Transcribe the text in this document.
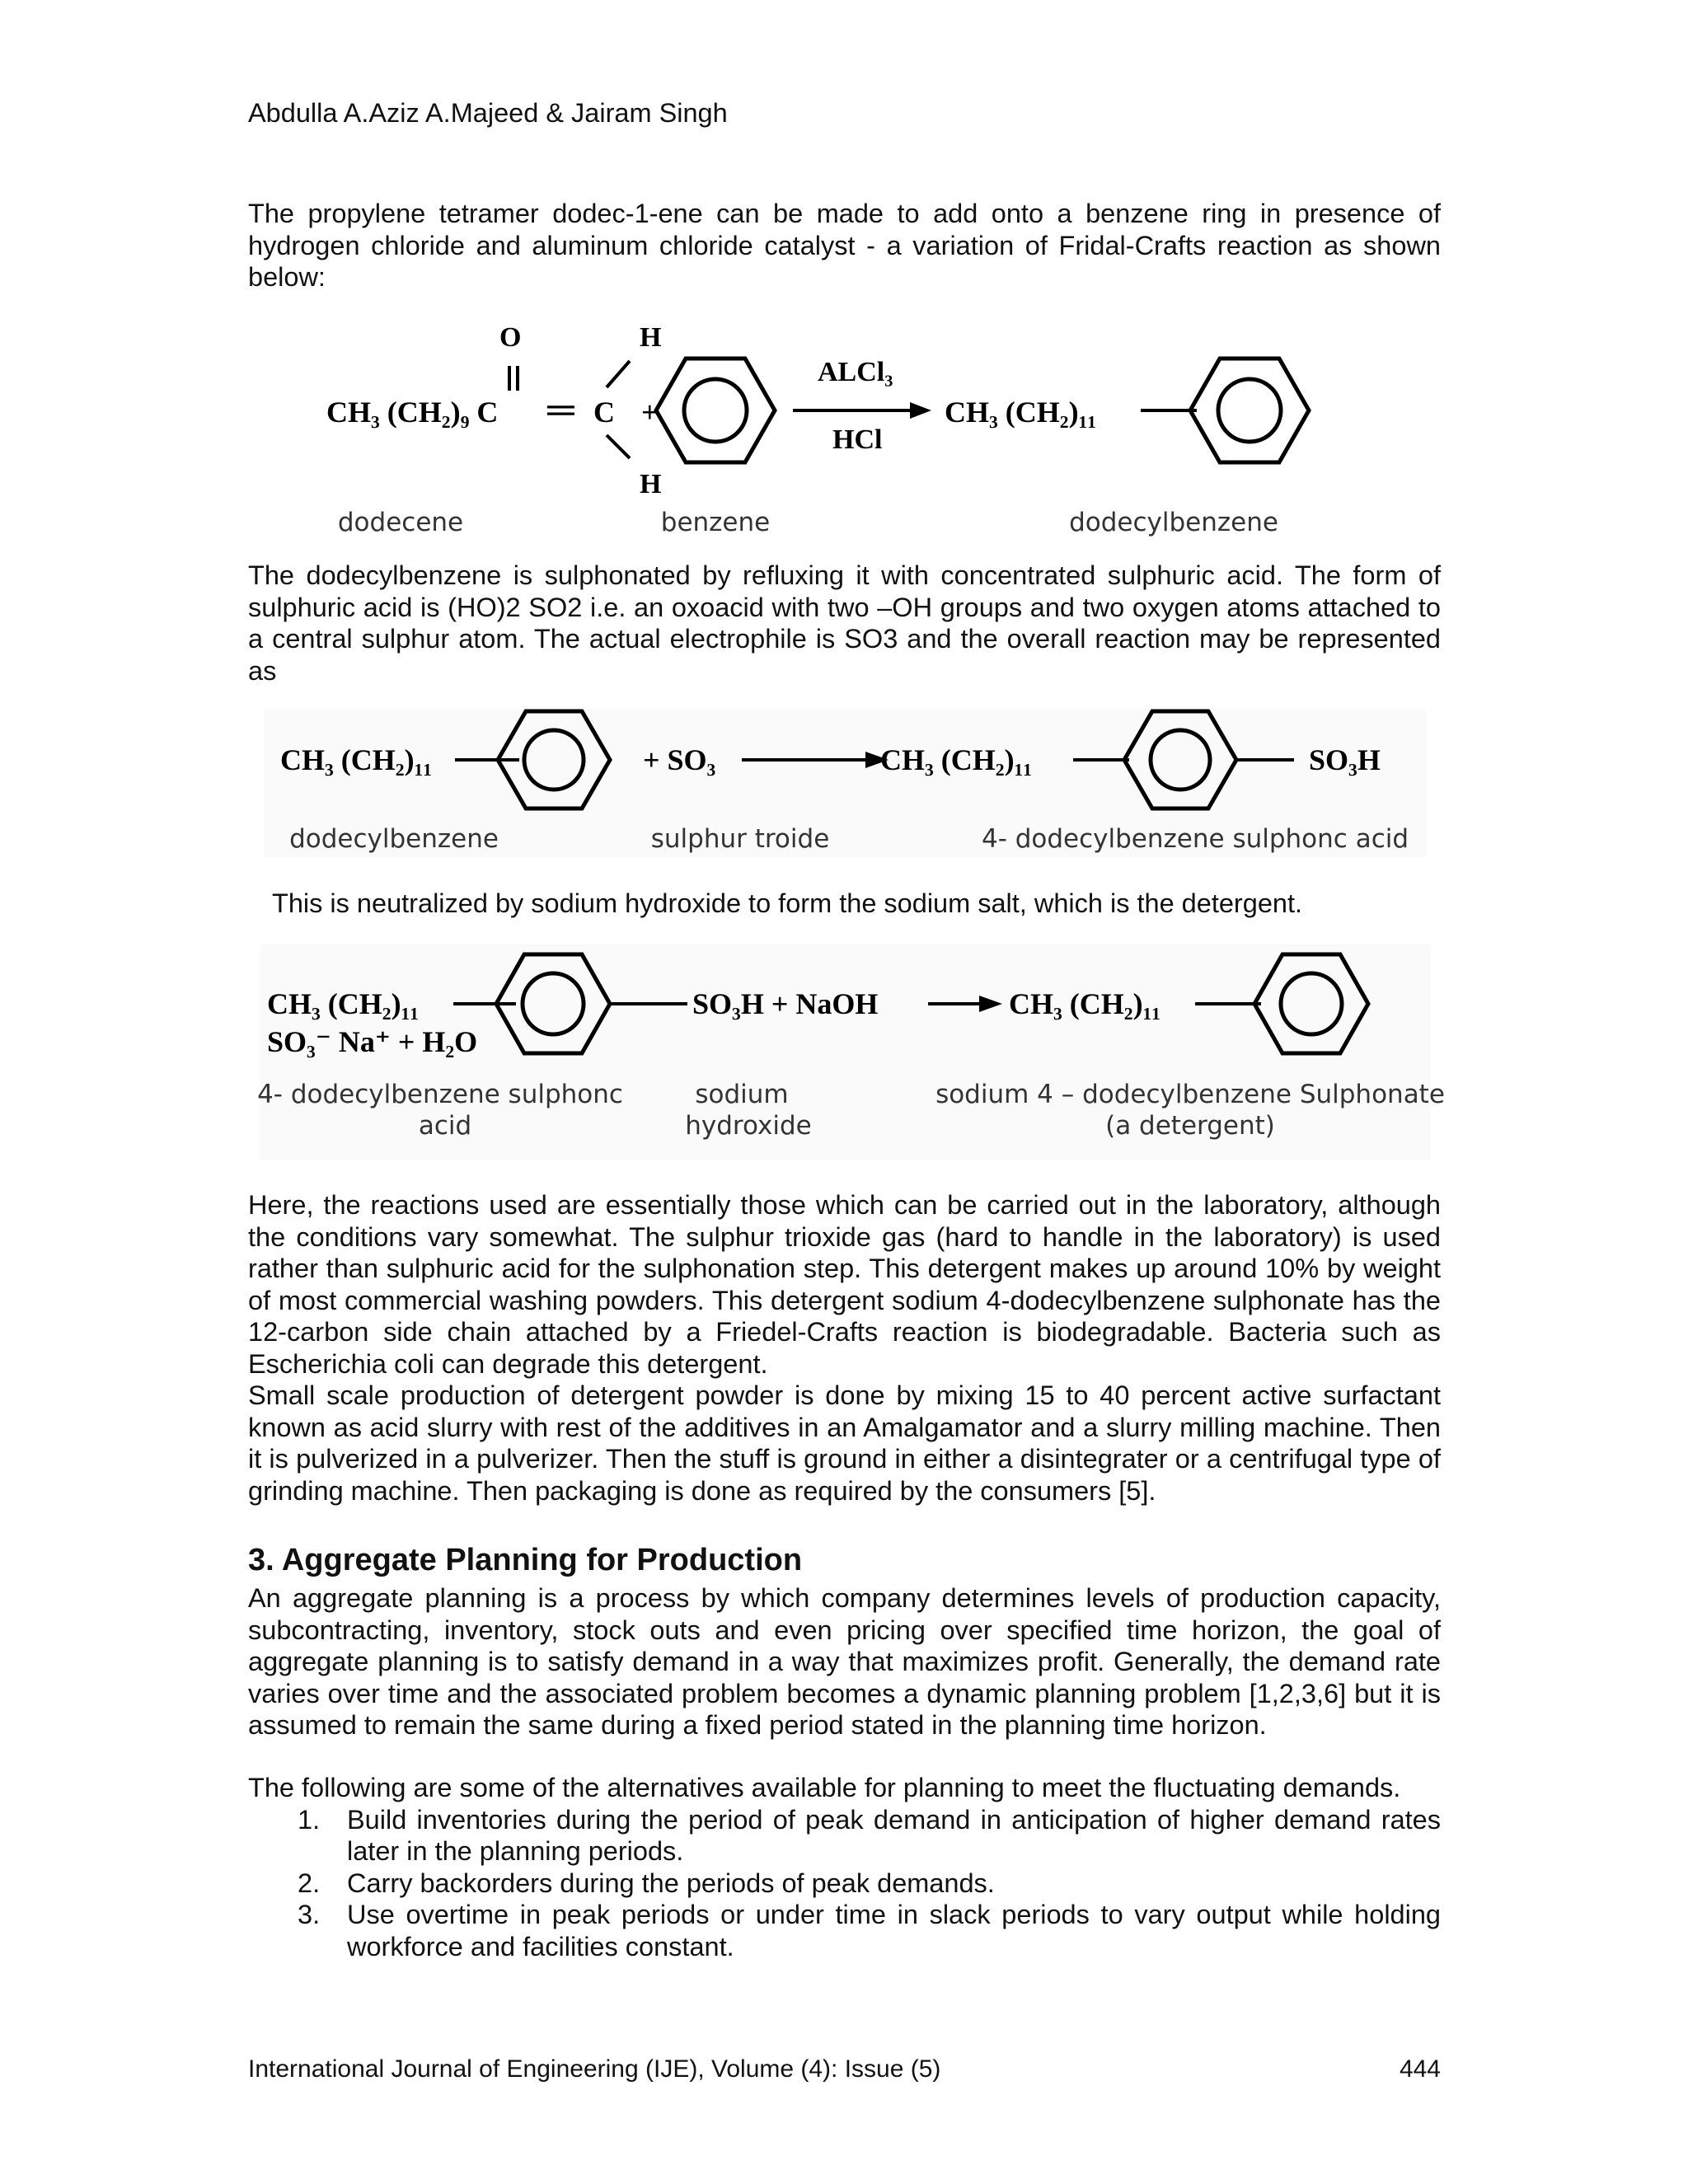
Abdulla A.Aziz A.Majeed & Jairam Singh

The propylene tetramer dodec-1-ene can be made to add onto a benzene ring in presence of hydrogen chloride and aluminum chloride catalyst - a variation of Fridal-Crafts reaction as shown below:

O	H
CH₃ (CH₂)₉ C ═ C
H
+
ALCl₃
HCl
CH₃ (CH₂)₁₁
dodecene	benzene	dodecylbenzene

The dodecylbenzene is sulphonated by refluxing it with concentrated sulphuric acid. The form of sulphuric acid is (HO)2 SO2 i.e. an oxoacid with two –OH groups and two oxygen atoms attached to a central sulphur atom. The actual electrophile is SO3 and the overall reaction may be represented as

CH₃ (CH₂)₁₁	+ SO₃	CH₃ (CH₂)₁₁	SO₃H
dodecylbenzene	sulphur troide	4- dodecylbenzene sulphonc acid
This is neutralized by sodium hydroxide to form the sodium salt, which is the detergent.
CH₃ (CH₂)₁₁
SO₃⁻ Na⁺ + H₂O
SO₃H + NaOH	CH₃ (CH₂)₁₁
4- dodecylbenzene sulphonc
acid
sodium
hydroxide
sodium 4 – dodecylbenzene Sulphonate
(a detergent)

Here, the reactions used are essentially those which can be carried out in the laboratory, although the conditions vary somewhat. The sulphur trioxide gas (hard to handle in the laboratory) is used rather than sulphuric acid for the sulphonation step. This detergent makes up around 10% by weight of most commercial washing powders. This detergent sodium 4-dodecylbenzene sulphonate has the 12-carbon side chain attached by a Friedel-Crafts reaction is biodegradable. Bacteria such as Escherichia coli can degrade this detergent.

Small scale production of detergent powder is done by mixing 15 to 40 percent active surfactant known as acid slurry with rest of the additives in an Amalgamator and a slurry milling machine. Then it is pulverized in a pulverizer. Then the stuff is ground in either a disintegrater or a centrifugal type of grinding machine. Then packaging is done as required by the consumers [5].

3. Aggregate Planning for Production

An aggregate planning is a process by which company determines levels of production capacity, subcontracting, inventory, stock outs and even pricing over specified time horizon, the goal of aggregate planning is to satisfy demand in a way that maximizes profit. Generally, the demand rate varies over time and the associated problem becomes a dynamic planning problem [1,2,3,6] but it is assumed to remain the same during a fixed period stated in the planning time horizon.

The following are some of the alternatives available for planning to meet the fluctuating demands.

1. Build inventories during the period of peak demand in anticipation of higher demand rates later in the planning periods.
2. Carry backorders during the periods of peak demands.
3. Use overtime in peak periods or under time in slack periods to vary output while holding workforce and facilities constant.
International Journal of Engineering (IJE), Volume (4): Issue (5)	444
